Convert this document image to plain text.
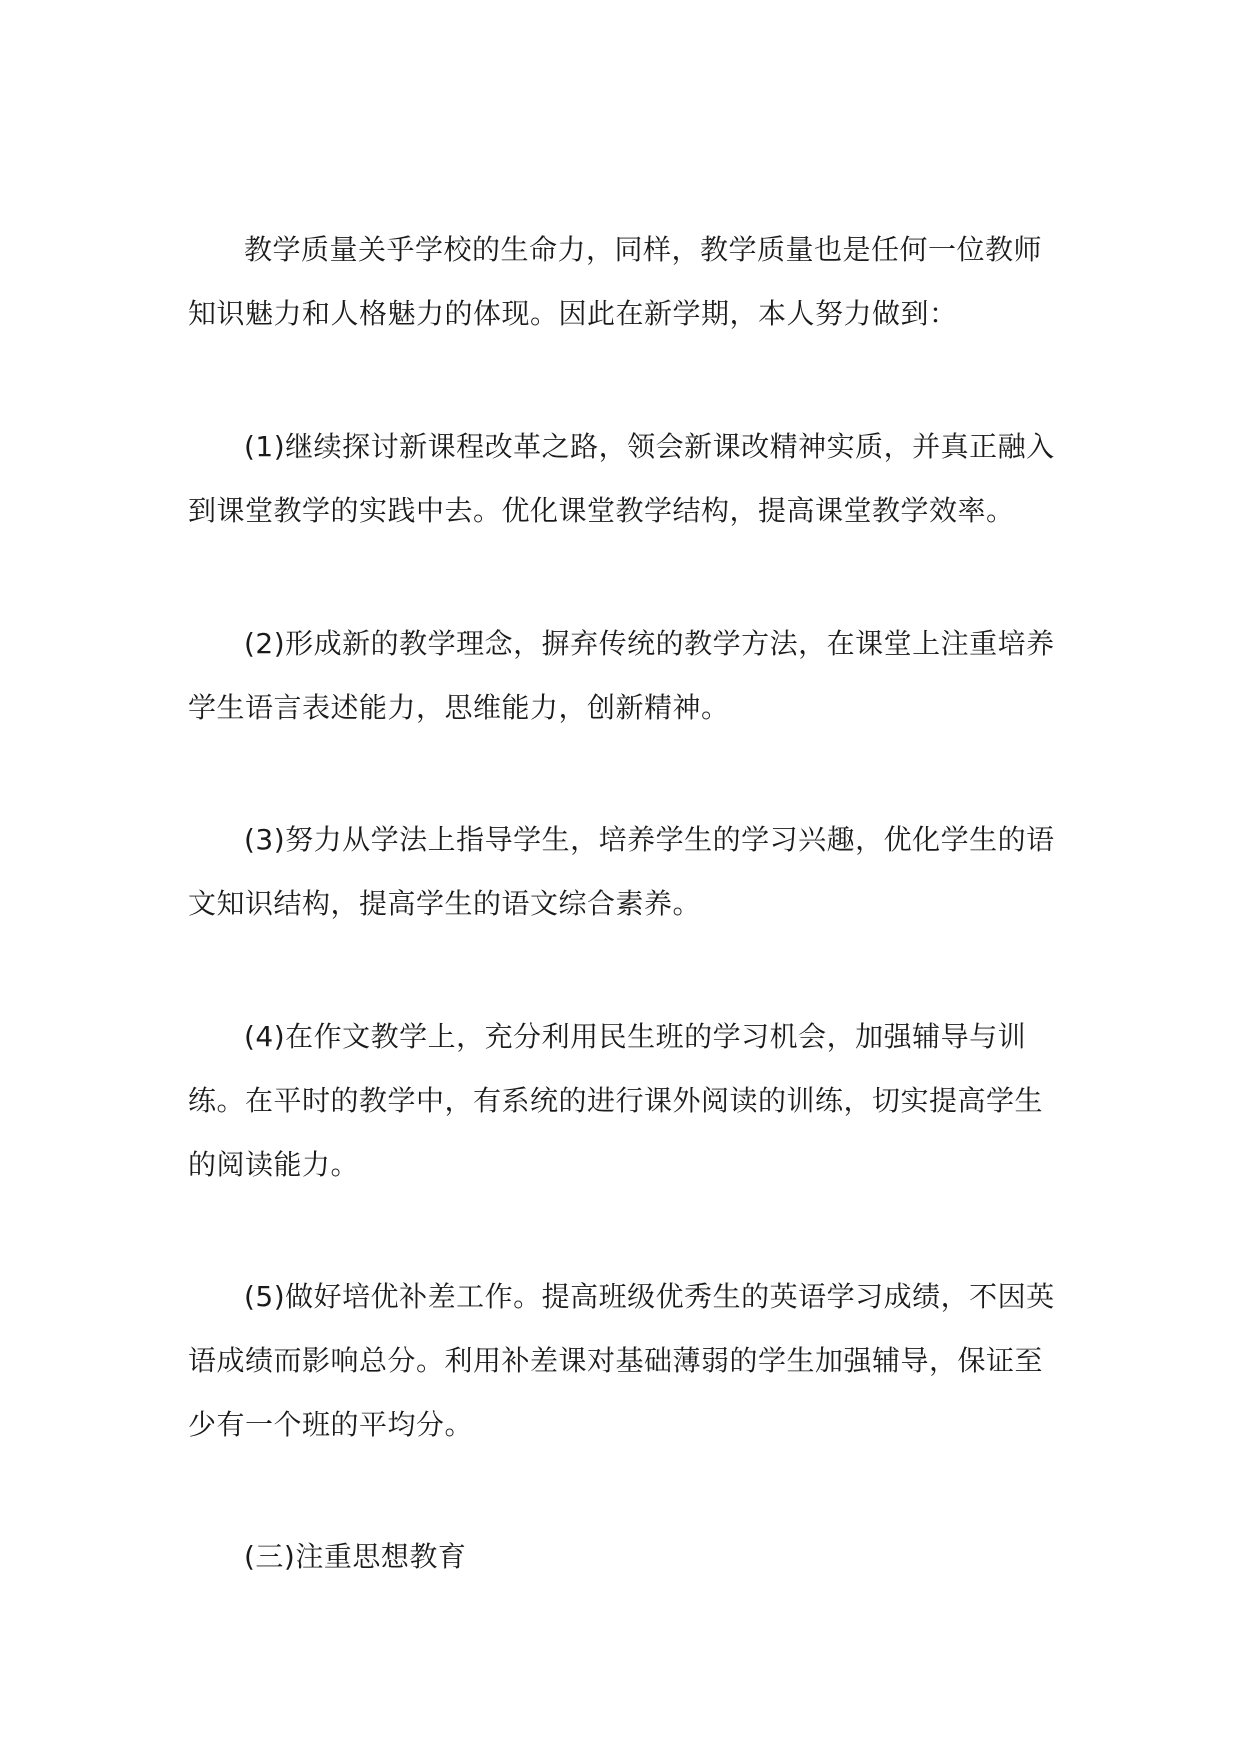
教学质量关乎学校的生命力，同样，教学质量也是任何一位教师知识魅力和人格魅力的体现。因此在新学期，本人努力做到：

(1)继续探讨新课程改革之路，领会新课改精神实质，并真正融入到课堂教学的实践中去。优化课堂教学结构，提高课堂教学效率。

(2)形成新的教学理念，摒弃传统的教学方法，在课堂上注重培养学生语言表述能力，思维能力，创新精神。

(3)努力从学法上指导学生，培养学生的学习兴趣，优化学生的语文知识结构，提高学生的语文综合素养。

(4)在作文教学上，充分利用民生班的学习机会，加强辅导与训练。在平时的教学中，有系统的进行课外阅读的训练，切实提高学生的阅读能力。

(5)做好培优补差工作。提高班级优秀生的英语学习成绩，不因英语成绩而影响总分。利用补差课对基础薄弱的学生加强辅导，保证至少有一个班的平均分。

(三)注重思想教育
